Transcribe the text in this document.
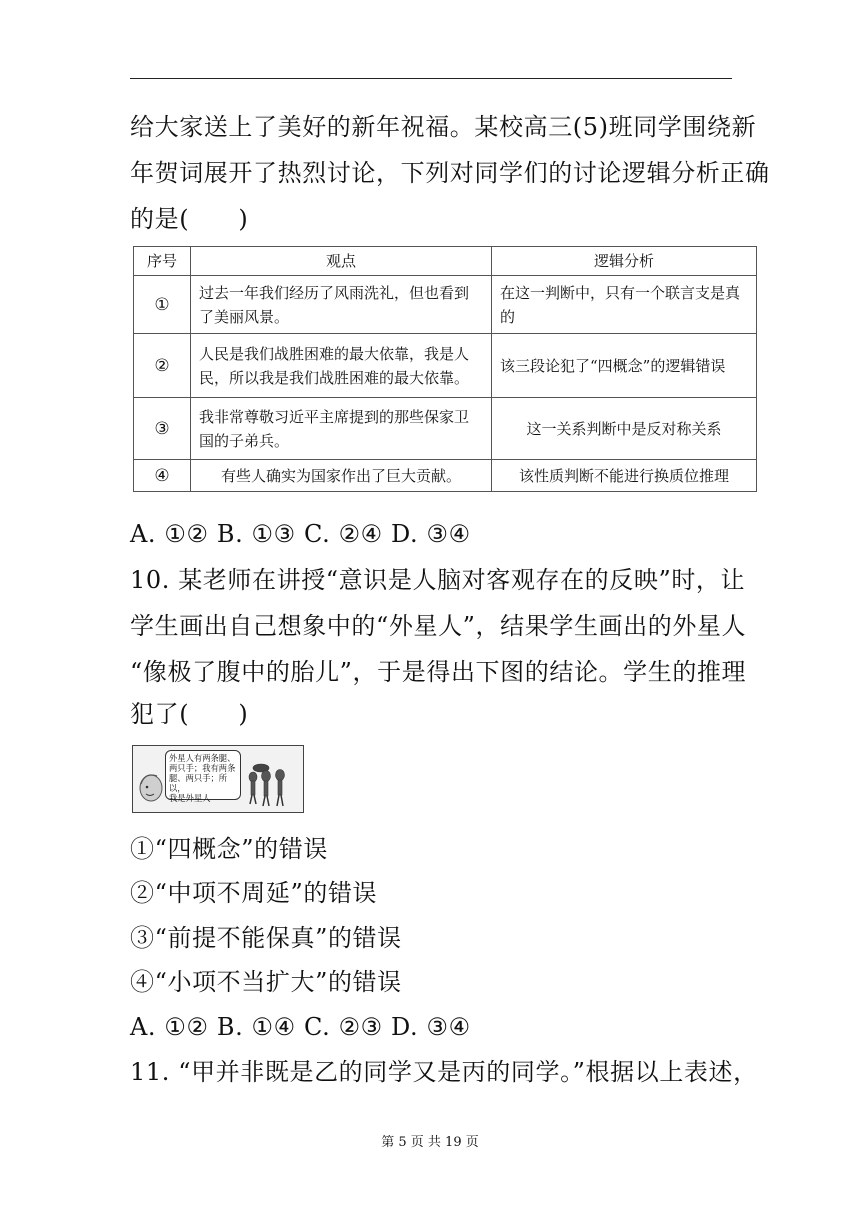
给大家送上了美好的新年祝福。某校高三(5)班同学围绕新
年贺词展开了热烈讨论，下列对同学们的讨论逻辑分析正确
的是(　　)
序号	观点	逻辑分析
①	过去一年我们经历了风雨洗礼，但也看到了美丽风景。	在这一判断中，只有一个联言支是真的
②	人民是我们战胜困难的最大依靠，我是人民，所以我是我们战胜困难的最大依靠。	该三段论犯了“四概念”的逻辑错误
③	我非常尊敬习近平主席提到的那些保家卫国的子弟兵。	这一关系判断中是反对称关系
④	有些人确实为国家作出了巨大贡献。	该性质判断不能进行换质位推理
A. ①② B. ①③ C. ②④ D. ③④
10. 某老师在讲授“意识是人脑对客观存在的反映”时，让
学生画出自己想象中的“外星人”，结果学生画出的外星人
“像极了腹中的胎儿”，于是得出下图的结论。学生的推理
犯了(　　)
外星人有两条腿、
两只手；我有两条
腿、两只手；所以，
我是外星人
①“四概念”的错误
②“中项不周延”的错误
③“前提不能保真”的错误
④“小项不当扩大”的错误
A. ①② B. ①④ C. ②③ D. ③④
11. “甲并非既是乙的同学又是丙的同学。”根据以上表述，
第 5 页 共 19 页
